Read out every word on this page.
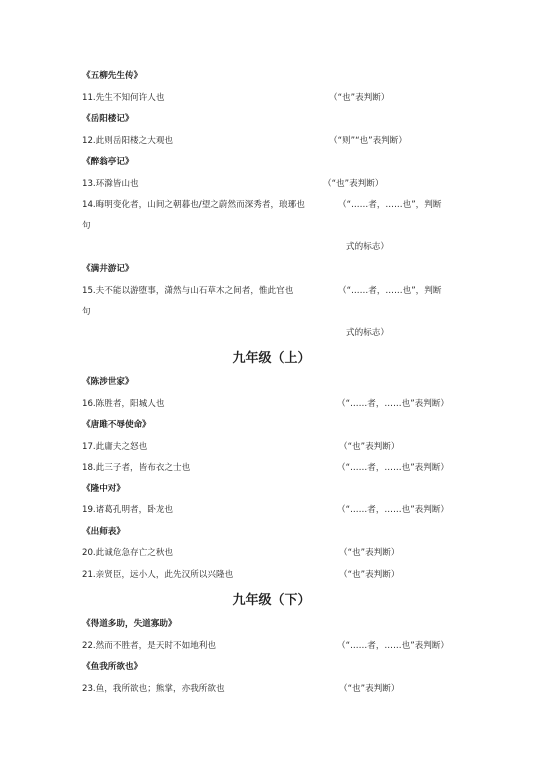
《五柳先生传》
11.先生不知何许人也	（“也”表判断）
《岳阳楼记》
12.此则岳阳楼之大观也	（“则”“也”表判断）
《醉翁亭记》
13.环滁皆山也	（“也”表判断）
14.晦明变化者，山间之朝暮也/望之蔚然而深秀者，琅琊也	（“……者，……也”，判断
句
式的标志）
《满井游记》
15.夫不能以游堕事，潇然与山石草木之间者，惟此官也	（“……者，……也”，判断
句
式的标志）
九年级（上）
《陈涉世家》
16.陈胜者，阳城人也	（“……者，……也”表判断）
《唐雎不辱使命》
17.此庸夫之怒也	（“也”表判断）
18.此三子者，皆布衣之士也	（“……者，……也”表判断）
《隆中对》
19.诸葛孔明者，卧龙也	（“……者，……也”表判断）
《出师表》
20.此诚危急存亡之秋也	（“也”表判断）
21.亲贤臣，远小人，此先汉所以兴隆也	（“也”表判断）
九年级（下）
《得道多助，失道寡助》
22.然而不胜者，是天时不如地利也	（“……者，……也”表判断）
《鱼我所欲也》
23.鱼，我所欲也；熊掌，亦我所欲也	（“也”表判断）
